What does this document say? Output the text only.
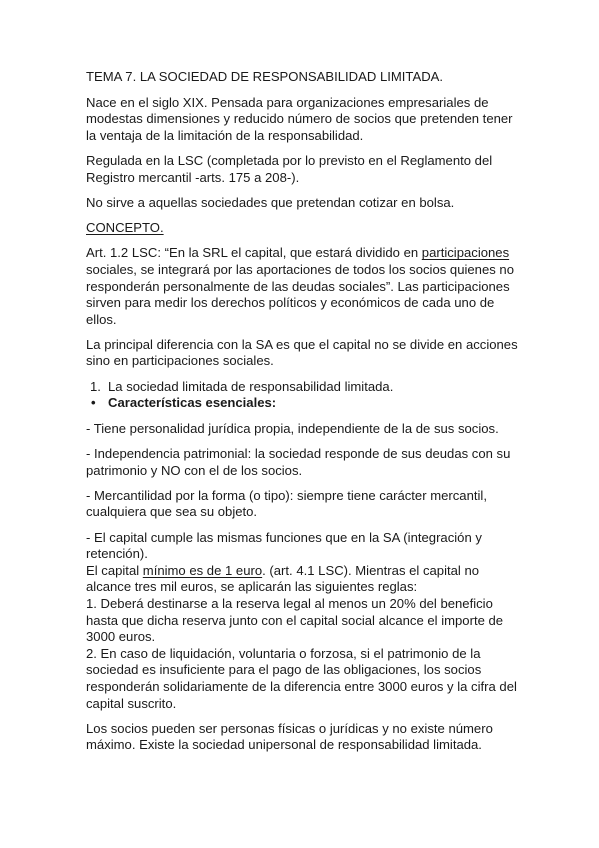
TEMA 7. LA SOCIEDAD DE RESPONSABILIDAD LIMITADA.

Nace en el siglo XIX. Pensada para organizaciones empresariales de modestas dimensiones y reducido número de socios que pretenden tener la ventaja de la limitación de la responsabilidad.

Regulada en la LSC (completada por lo previsto en el Reglamento del Registro mercantil -arts. 175 a 208-).

No sirve a aquellas sociedades que pretendan cotizar en bolsa.

CONCEPTO.

Art. 1.2 LSC: “En la SRL el capital, que estará dividido en participaciones sociales, se integrará por las aportaciones de todos los socios quienes no responderán personalmente de las deudas sociales”. Las participaciones sirven para medir los derechos políticos y económicos de cada uno de ellos.

La principal diferencia con la SA es que el capital no se divide en acciones sino en participaciones sociales.

1. La sociedad limitada de responsabilidad limitada.
• Características esenciales:

- Tiene personalidad jurídica propia, independiente de la de sus socios.

- Independencia patrimonial: la sociedad responde de sus deudas con su patrimonio y NO con el de los socios.

- Mercantilidad por la forma (o tipo): siempre tiene carácter mercantil, cualquiera que sea su objeto.

- El capital cumple las mismas funciones que en la SA (integración y retención).
El capital mínimo es de 1 euro. (art. 4.1 LSC). Mientras el capital no alcance tres mil euros, se aplicarán las siguientes reglas:
1. Deberá destinarse a la reserva legal al menos un 20% del beneficio hasta que dicha reserva junto con el capital social alcance el importe de 3000 euros.
2. En caso de liquidación, voluntaria o forzosa, si el patrimonio de la sociedad es insuficiente para el pago de las obligaciones, los socios responderán solidariamente de la diferencia entre 3000 euros y la cifra del capital suscrito.

Los socios pueden ser personas físicas o jurídicas y no existe número máximo. Existe la sociedad unipersonal de responsabilidad limitada.
